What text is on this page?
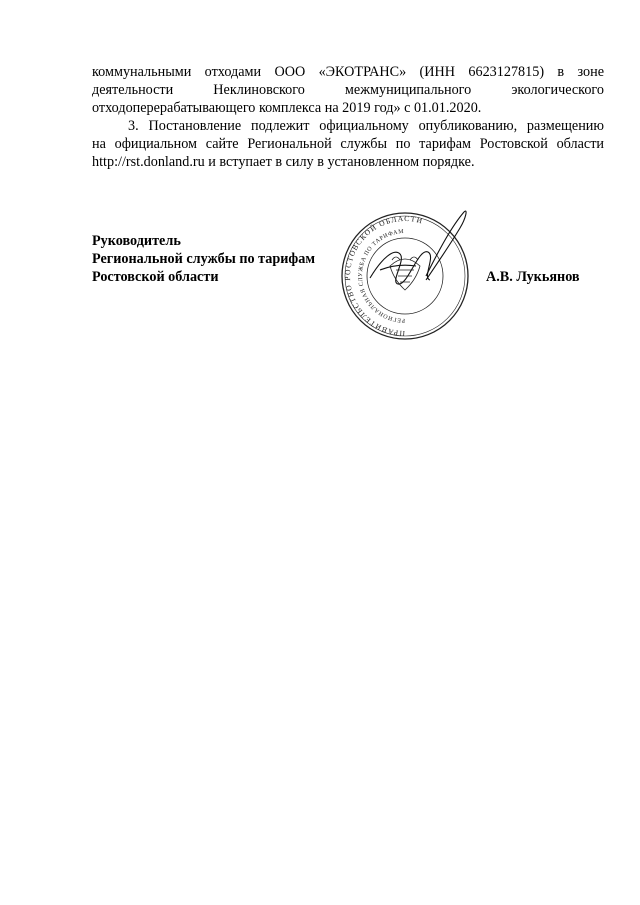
коммунальными отходами ООО «ЭКОТРАНС» (ИНН 6623127815) в зоне
деятельности Неклиновского межмуниципального экологического
отходоперерабатывающего комплекса на 2019 год» с 01.01.2020.
3. Постановление подлежит официальному опубликованию, размещению
на официальном сайте Региональной службы по тарифам Ростовской области
http://rst.donland.ru и вступает в силу в установленном порядке.
Руководитель
Региональной службы по тарифам
Ростовской области	А.В. Лукьянов
ПРАВИТЕЛЬСТВО РОСТОВСКОЙ ОБЛАСТИ
РЕГИОНАЛЬНАЯ СЛУЖБА ПО ТАРИФАМ
